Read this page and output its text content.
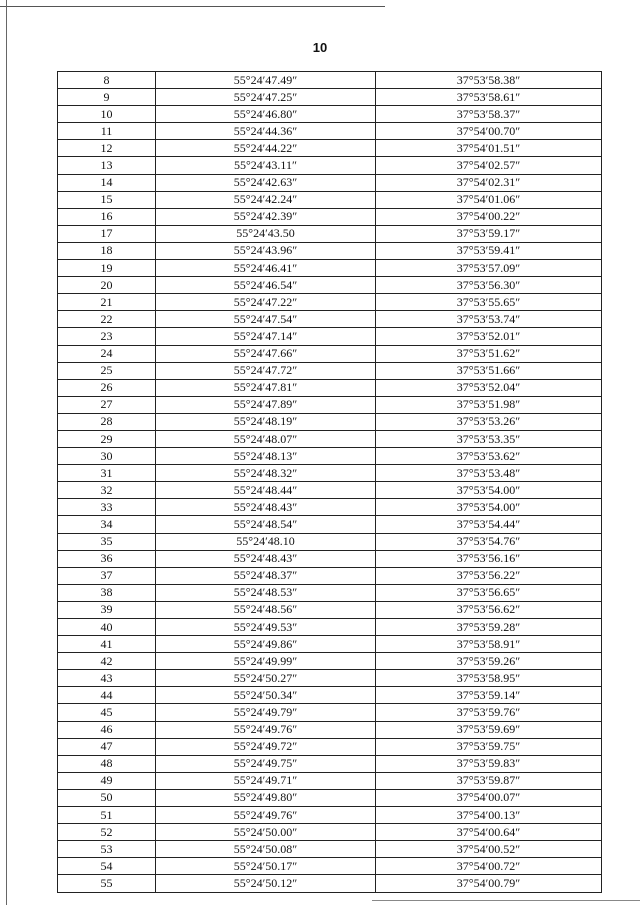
10
8	55°24′47.49″	37°53′58.38″
9	55°24′47.25″	37°53′58.61″
10	55°24′46.80″	37°53′58.37″
11	55°24′44.36″	37°54′00.70″
12	55°24′44.22″	37°54′01.51″
13	55°24′43.11″	37°54′02.57″
14	55°24′42.63″	37°54′02.31″
15	55°24′42.24″	37°54′01.06″
16	55°24′42.39″	37°54′00.22″
17	55°24′43.50	37°53′59.17″
18	55°24′43.96″	37°53′59.41″
19	55°24′46.41″	37°53′57.09″
20	55°24′46.54″	37°53′56.30″
21	55°24′47.22″	37°53′55.65″
22	55°24′47.54″	37°53′53.74″
23	55°24′47.14″	37°53′52.01″
24	55°24′47.66″	37°53′51.62″
25	55°24′47.72″	37°53′51.66″
26	55°24′47.81″	37°53′52.04″
27	55°24′47.89″	37°53′51.98″
28	55°24′48.19″	37°53′53.26″
29	55°24′48.07″	37°53′53.35″
30	55°24′48.13″	37°53′53.62″
31	55°24′48.32″	37°53′53.48″
32	55°24′48.44″	37°53′54.00″
33	55°24′48.43″	37°53′54.00″
34	55°24′48.54″	37°53′54.44″
35	55°24′48.10	37°53′54.76″
36	55°24′48.43″	37°53′56.16″
37	55°24′48.37″	37°53′56.22″
38	55°24′48.53″	37°53′56.65″
39	55°24′48.56″	37°53′56.62″
40	55°24′49.53″	37°53′59.28″
41	55°24′49.86″	37°53′58.91″
42	55°24′49.99″	37°53′59.26″
43	55°24′50.27″	37°53′58.95″
44	55°24′50.34″	37°53′59.14″
45	55°24′49.79″	37°53′59.76″
46	55°24′49.76″	37°53′59.69″
47	55°24′49.72″	37°53′59.75″
48	55°24′49.75″	37°53′59.83″
49	55°24′49.71″	37°53′59.87″
50	55°24′49.80″	37°54′00.07″
51	55°24′49.76″	37°54′00.13″
52	55°24′50.00″	37°54′00.64″
53	55°24′50.08″	37°54′00.52″
54	55°24′50.17″	37°54′00.72″
55	55°24′50.12″	37°54′00.79″
